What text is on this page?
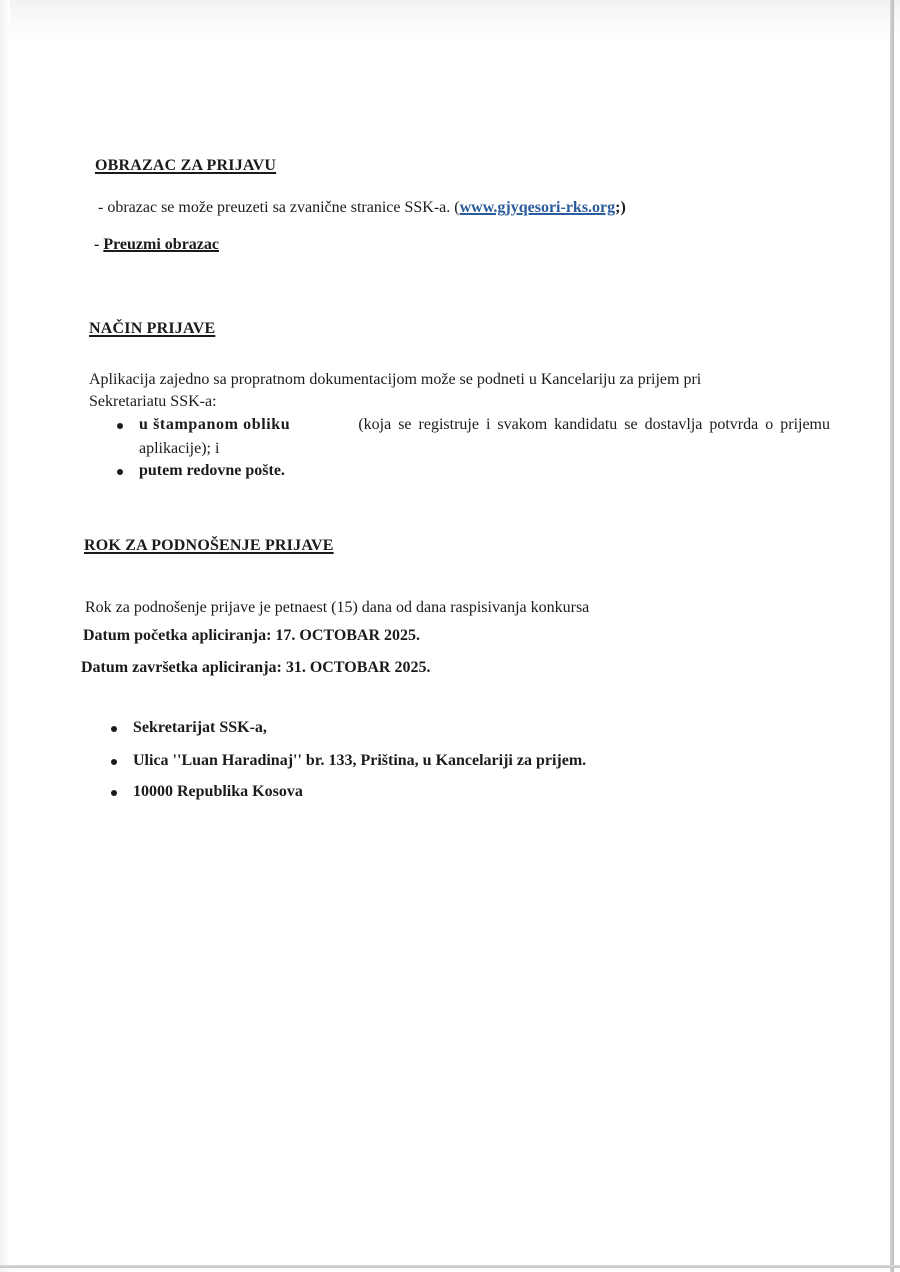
OBRAZAC ZA PRIJAVU
- obrazac se može preuzeti sa zvanične stranice SSK-a. (www.gjyqesori-rks.org;)
- Preuzmi obrazac
NAČIN PRIJAVE
Aplikacija zajedno sa propratnom dokumentacijom može se podneti u Kancelariju za prijem pri
Sekretariatu SSK-a:
u štampanom obliku	(koja se registruje i svakom kandidatu se dostavlja potvrda o prijemu
aplikacije); i
putem redovne pošte.
ROK ZA PODNOŠENJE PRIJAVE
Rok za podnošenje prijave je petnaest (15) dana od dana raspisivanja konkursa
Datum početka apliciranja: 17. OCTOBAR 2025.
Datum završetka apliciranja: 31. OCTOBAR 2025.
Sekretarijat SSK-a,
Ulica ''Luan Haradinaj'' br. 133, Priština, u Kancelariji za prijem.
10000 Republika Kosova
